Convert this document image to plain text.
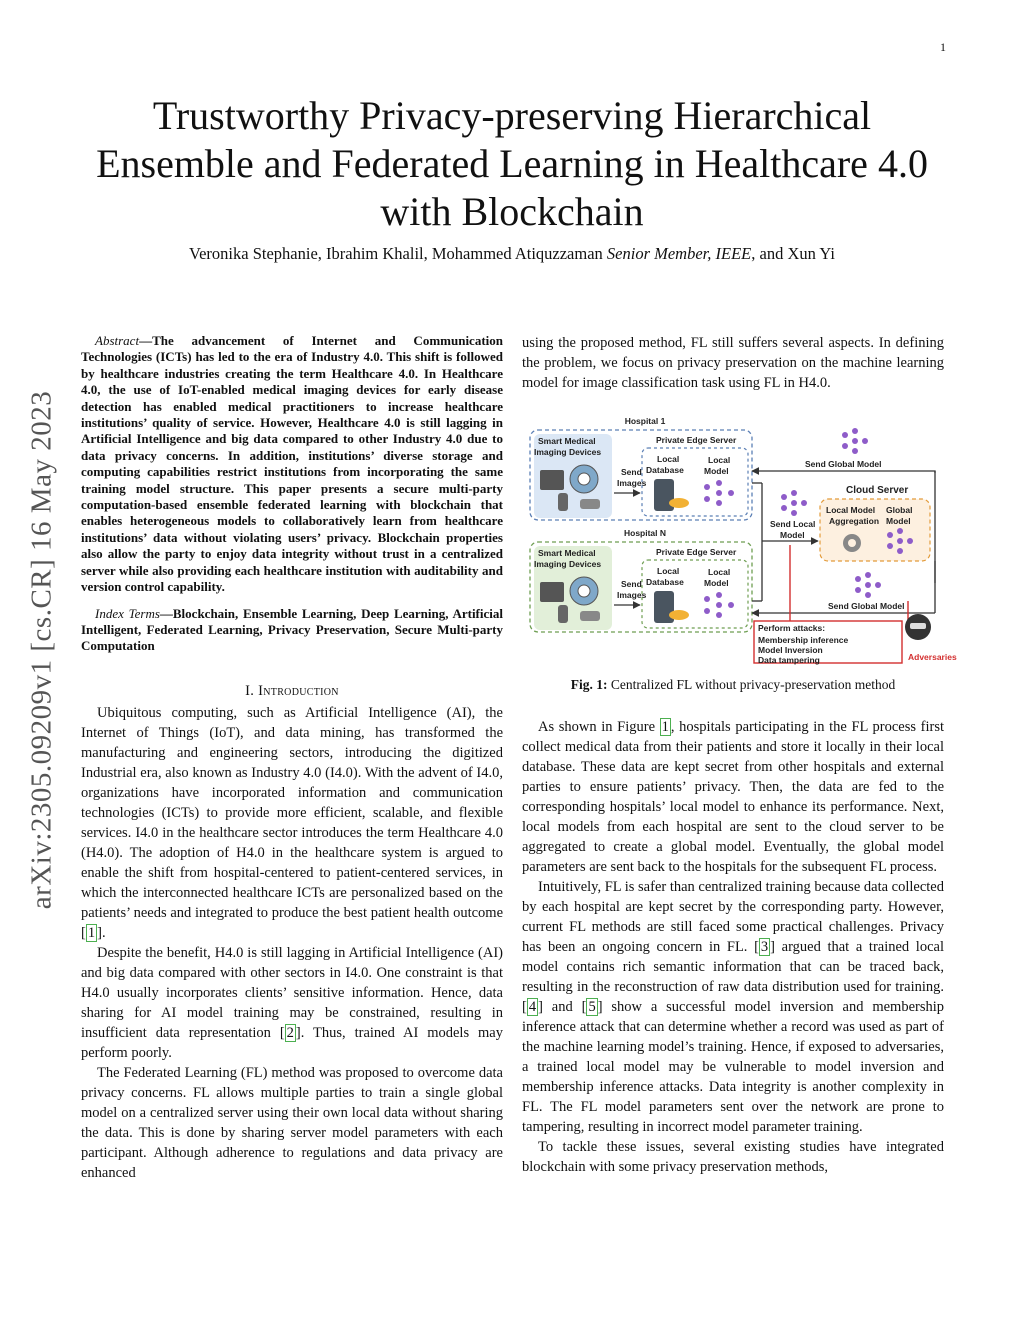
1
arXiv:2305.09209v1 [cs.CR] 16 May 2023
Trustworthy Privacy-preserving Hierarchical
Ensemble and Federated Learning in Healthcare 4.0
with Blockchain
Veronika Stephanie, Ibrahim Khalil, Mohammed Atiquzzaman Senior Member, IEEE, and Xun Yi

Abstract—The advancement of Internet and Communication Technologies (ICTs) has led to the era of Industry 4.0. This shift is followed by healthcare industries creating the term Healthcare 4.0. In Healthcare 4.0, the use of IoT-enabled medical imaging devices for early disease detection has enabled medical practitioners to increase healthcare institutions’ quality of service. However, Healthcare 4.0 is still lagging in Artificial Intelligence and big data compared to other Industry 4.0 due to data privacy concerns. In addition, institutions’ diverse storage and computing capabilities restrict institutions from incorporating the same training model structure. This paper presents a secure multi-party computation-based ensemble federated learning with blockchain that enables heterogeneous models to collaboratively learn from healthcare institutions’ data without violating users’ privacy. Blockchain properties also allow the party to enjoy data integrity without trust in a centralized server while also providing each healthcare institution with auditability and version control capability.

Index Terms—Blockchain, Ensemble Learning, Deep Learning, Artificial Intelligent, Federated Learning, Privacy Preservation, Secure Multi-party Computation

I. Introduction

Ubiquitous computing, such as Artificial Intelligence (AI), the Internet of Things (IoT), and data mining, has transformed the manufacturing and engineering sectors, introducing the digitized Industrial era, also known as Industry 4.0 (I4.0). With the advent of I4.0, organizations have incorporated information and communication technologies (ICTs) to provide more efficient, scalable, and flexible services. I4.0 in the healthcare sector introduces the term Healthcare 4.0 (H4.0). The adoption of H4.0 in the healthcare system is argued to enable the shift from hospital-centered to patient-centered services, in which the interconnected healthcare ICTs are personalized based on the patients’ needs and integrated to produce the best patient health outcome [ 1 ].

Despite the benefit, H4.0 is still lagging in Artificial Intelligence (AI) and big data compared with other sectors in I4.0. One constraint is that H4.0 usually incorporates clients’ sensitive information. Hence, data sharing for AI model training may be constrained, resulting in insufficient data representation [ 2 ]. Thus, trained AI models may perform poorly.

The Federated Learning (FL) method was proposed to overcome data privacy concerns. FL allows multiple parties to train a single global model on a centralized server using their own local data without sharing the data. This is done by sharing server model parameters with each participant. Although adherence to regulations and data privacy are enhanced

using the proposed method, FL still suffers several aspects. In defining the problem, we focus on privacy preservation on the machine learning model for image classification task using FL in H4.0.

Hospital 1
Smart Medical
Imaging Devices
Send
Images
Private Edge Server
Local
Database
Local
Model
Hospital N
Smart Medical
Imaging Devices
Send
Images
Private Edge Server
Local
Database
Local
Model
Send Global Model
Send Local
Model
Cloud Server
Local Model
Aggregation
Global
Model
Send Global Model
Perform attacks:
Membership inference
Model Inversion
Data tampering	Adversaries
Fig. 1: Centralized FL without privacy-preservation method

As shown in Figure 1 , hospitals participating in the FL process first collect medical data from their patients and store it locally in their local database. These data are kept secret from other hospitals and external parties to ensure patients’ privacy. Then, the data are fed to the corresponding hospitals’ local model to enhance its performance. Next, local models from each hospital are sent to the cloud server to be aggregated to create a global model. Eventually, the global model parameters are sent back to the hospitals for the subsequent FL process.

Intuitively, FL is safer than centralized training because data collected by each hospital are kept secret by the corresponding party. However, current FL methods are still faced some practical challenges. Privacy has been an ongoing concern in FL. [ 3 ] argued that a trained local model contains rich semantic information that can be traced back, resulting in the reconstruction of raw data distribution used for training. [ 4 ] and [ 5 ] show a successful model inversion and membership inference attack that can determine whether a record was used as part of the machine learning model’s training. Hence, if exposed to adversaries, a trained local model may be vulnerable to model inversion and membership inference attacks. Data integrity is another complexity in FL. The FL model parameters sent over the network are prone to tampering, resulting in incorrect model parameter training.

To tackle these issues, several existing studies have integrated blockchain with some privacy preservation methods,
